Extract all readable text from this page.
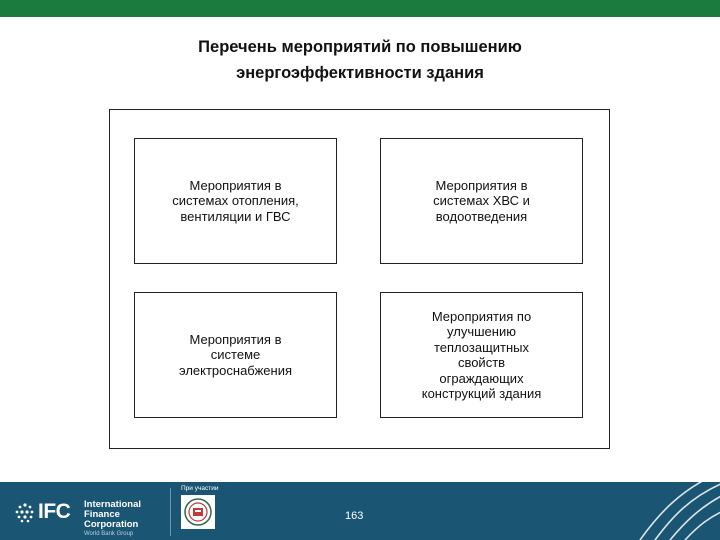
Перечень мероприятий по повышению
энергоэффективности здания
Мероприятия в
системах отопления,
вентиляции и ГВС
Мероприятия в
системах ХВС и
водоотведения
Мероприятия в
системе
электроснабжения
Мероприятия по
улучшению
теплозащитных
свойств
ограждающих
конструкций здания
IFC International
Finance Corporation
World Bank Group
При участии
163
